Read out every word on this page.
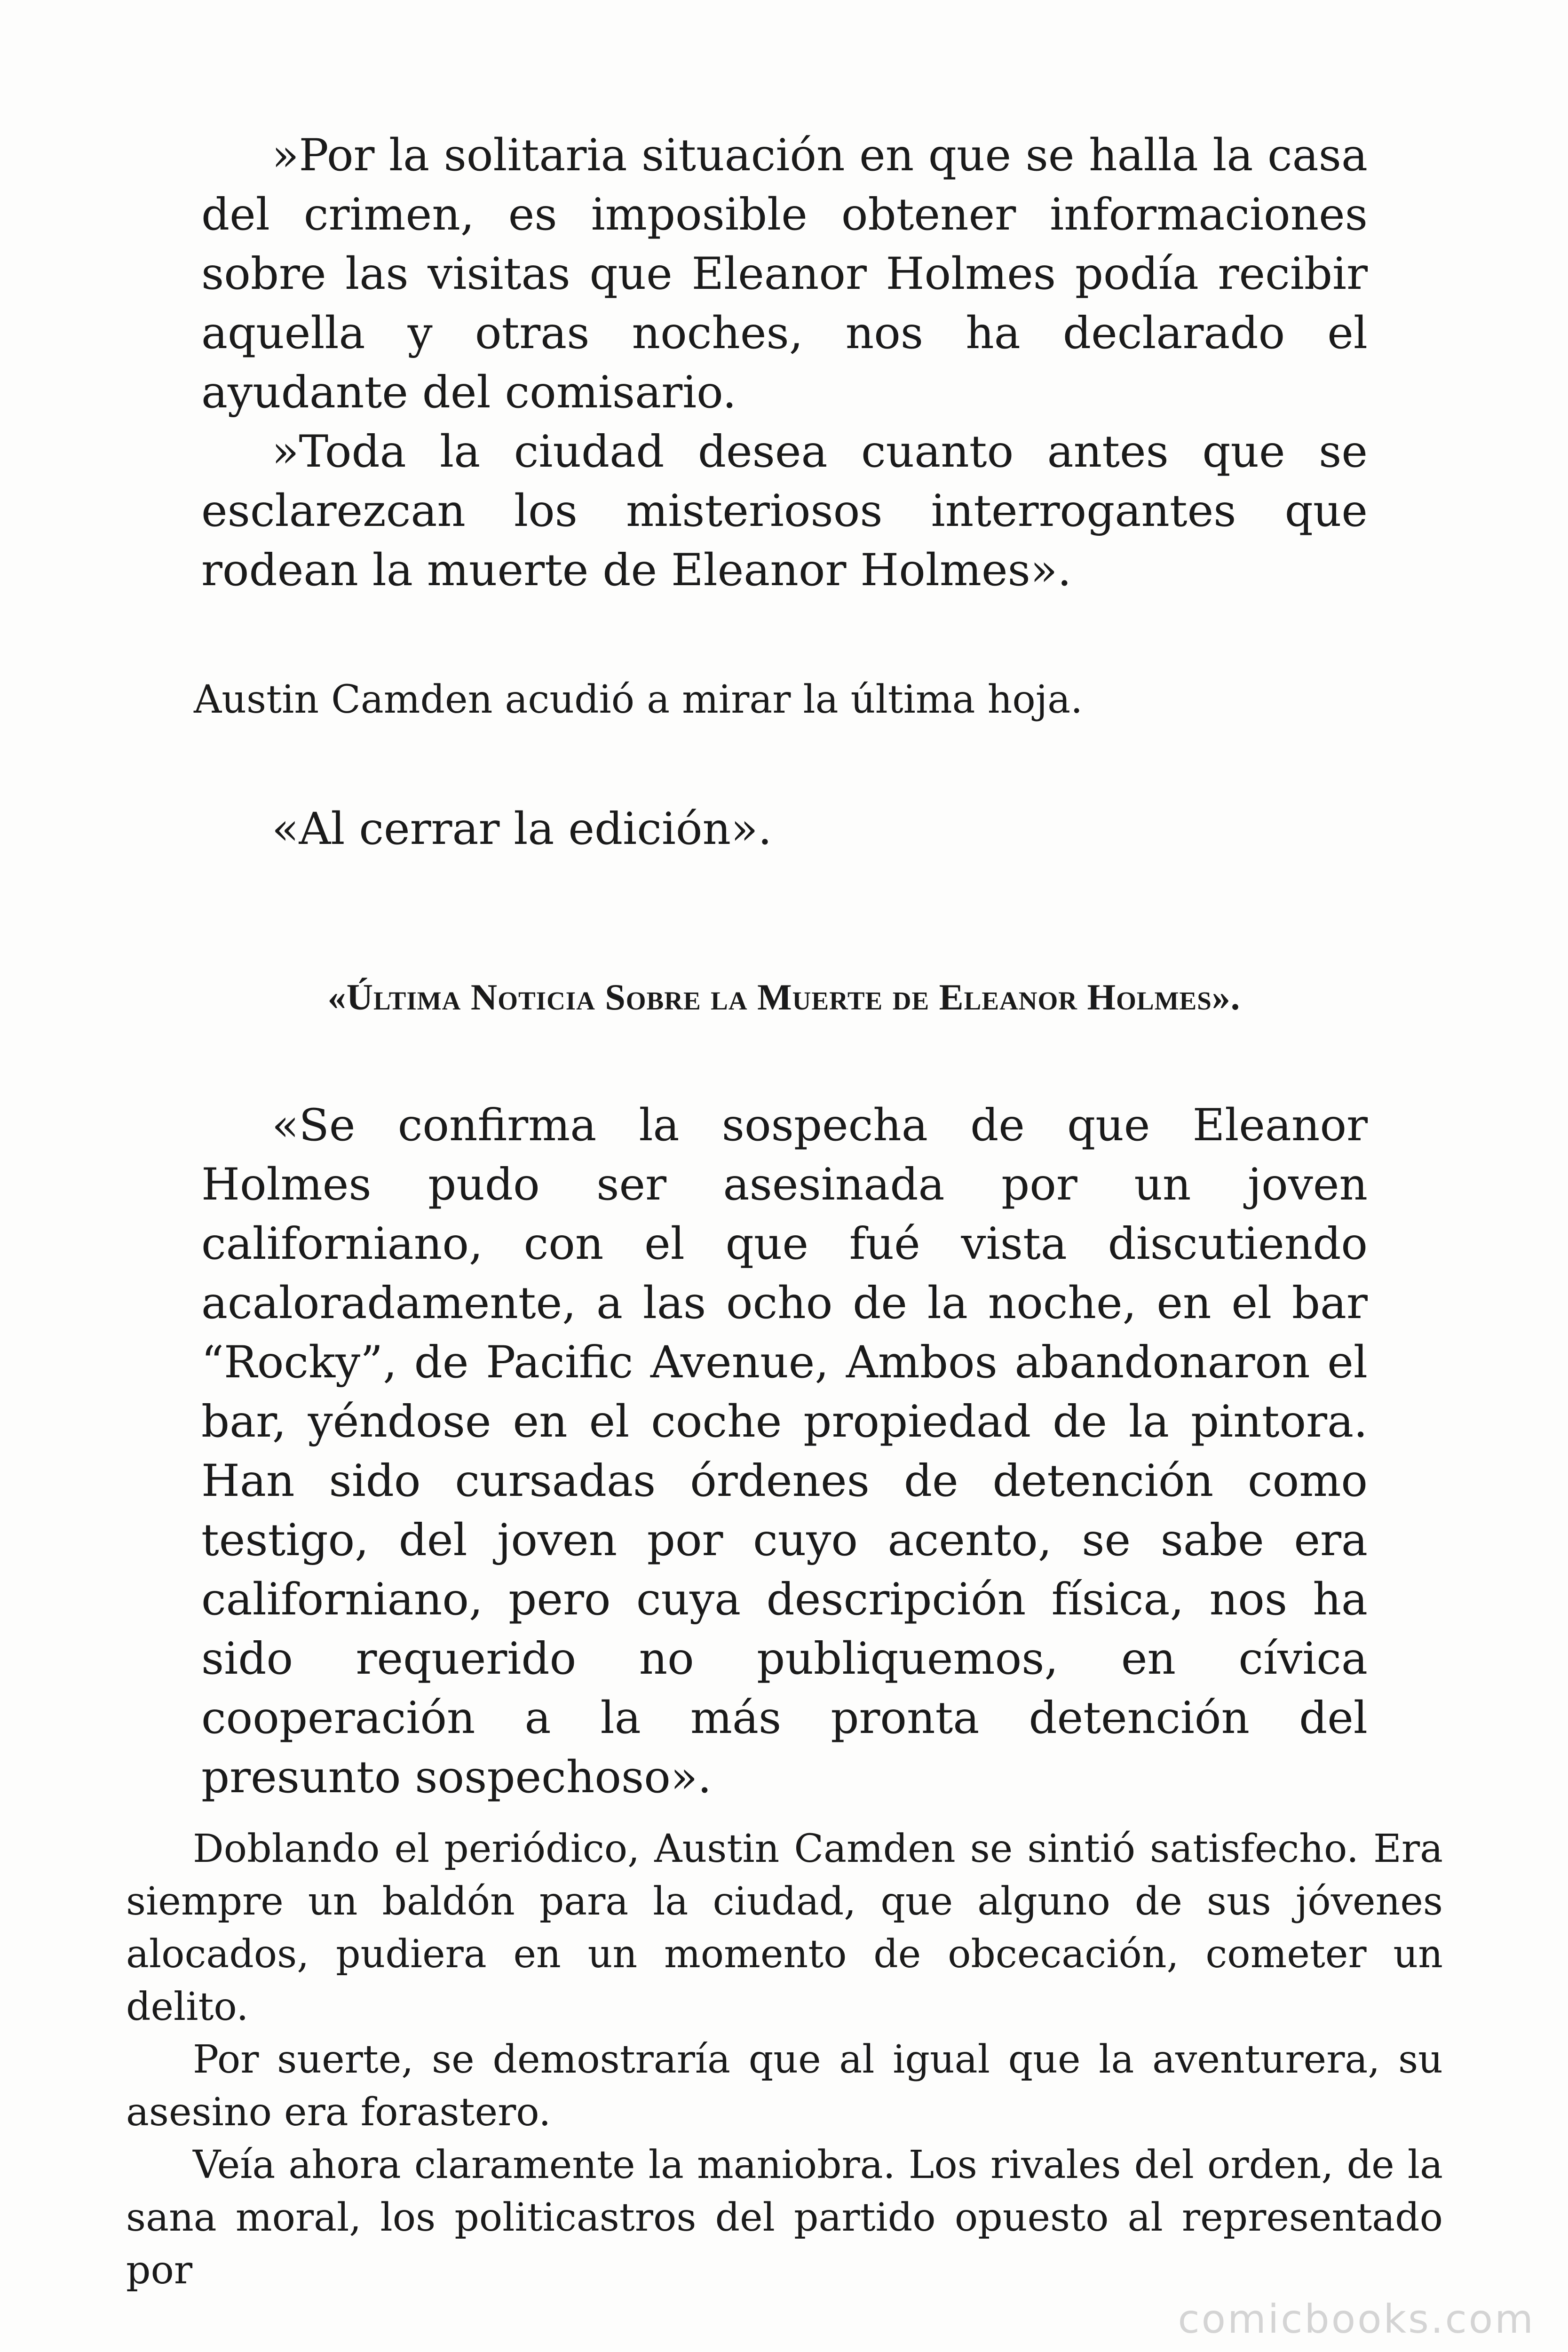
»Por la solitaria situación en que se halla la casa del crimen, es imposible obtener informaciones sobre las visitas que Eleanor Holmes podía recibir aquella y otras noches, nos ha declarado el ayudante del comisario.

»Toda la ciudad desea cuanto antes que se esclarezcan los misteriosos interrogantes que rodean la muerte de Eleanor Holmes».

Austin Camden acudió a mirar la última hoja.
«Al cerrar la edición».
«Última Noticia Sobre la Muerte de Eleanor Holmes».

«Se confirma la sospecha de que Eleanor Holmes pudo ser asesinada por un joven californiano, con el que fué vista discutiendo acaloradamente, a las ocho de la noche, en el bar “Rocky”, de Pacific Avenue, Ambos abandonaron el bar, yéndose en el coche propiedad de la pintora. Han sido cursadas órdenes de detención como testigo, del joven por cuyo acento, se sabe era californiano, pero cuya descripción física, nos ha sido requerido no publiquemos, en cívica cooperación a la más pronta detención del presunto sospechoso».

Doblando el periódico, Austin Camden se sintió satisfecho. Era siempre un baldón para la ciudad, que alguno de sus jóvenes alocados, pudiera en un momento de obcecación, cometer un delito.

Por suerte, se demostraría que al igual que la aventurera, su asesino era forastero.

Veía ahora claramente la maniobra. Los rivales del orden, de la sana moral, los politicastros del partido opuesto al representado por

comicbooks.com
